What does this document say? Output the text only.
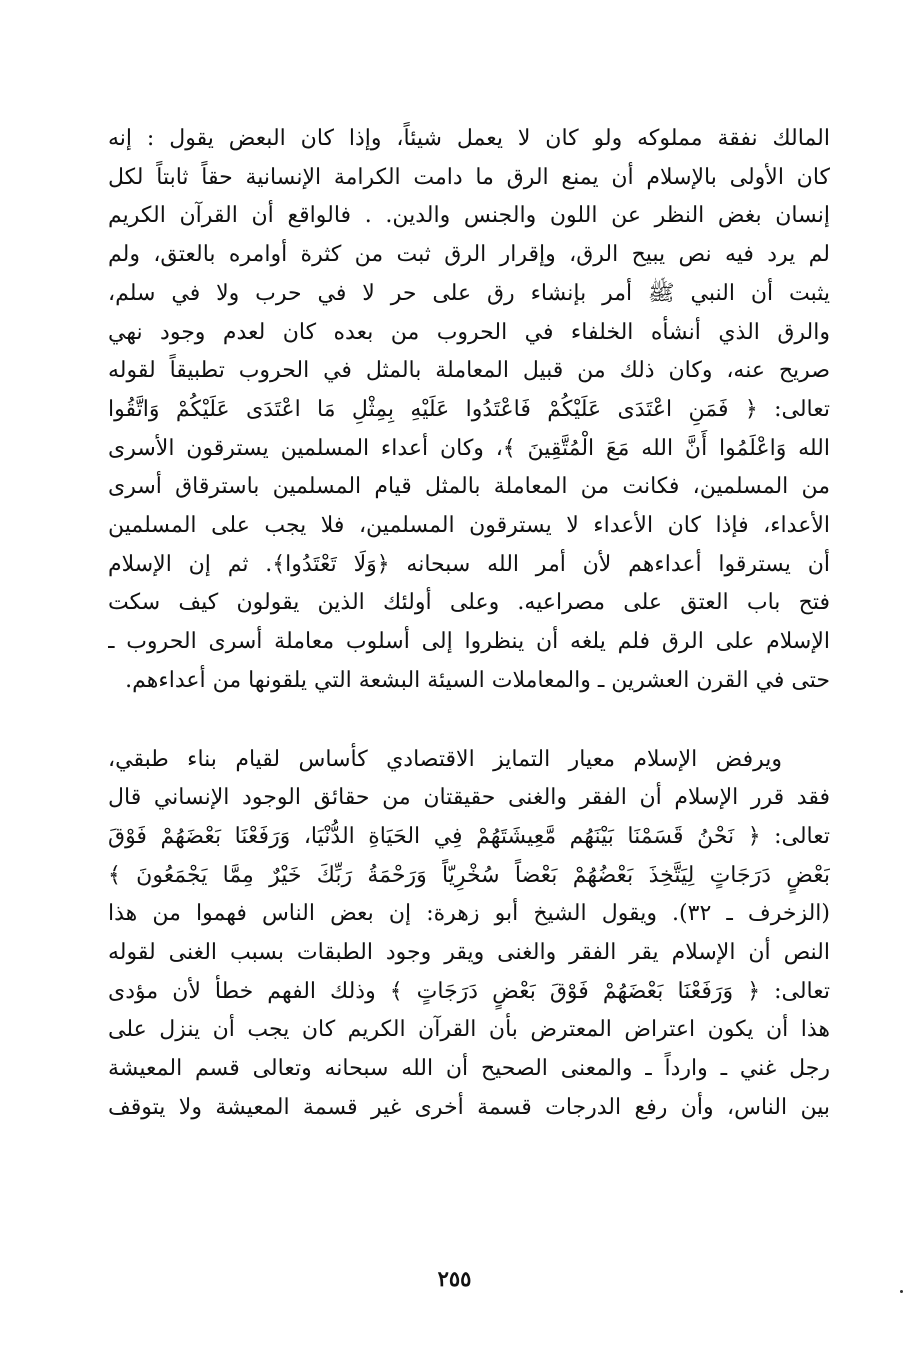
المالك نفقة مملوكه ولو كان لا يعمل شيئاً، وإذا كان البعض يقول : إنه
كان الأولى بالإسلام أن يمنع الرق ما دامت الكرامة الإنسانية حقاً ثابتاً لكل
إنسان بغض النظر عن اللون والجنس والدين. . فالواقع أن القرآن الكريم
لم يرد فيه نص يبيح الرق، وإقرار الرق ثبت من كثرة أوامره بالعتق، ولم
يثبت أن النبي ﷺ أمر بإنشاء رق على حر لا في حرب ولا في سلم،
والرق الذي أنشأه الخلفاء في الحروب من بعده كان لعدم وجود نهي
صريح عنه، وكان ذلك من قبيل المعاملة بالمثل في الحروب تطبيقاً لقوله
تعالى: ﴿ فَمَنِ اعْتَدَى عَلَيْكُمْ فَاعْتَدُوا عَلَيْهِ بِمِثْلِ مَا اعْتَدَى عَلَيْكُمْ وَاتَّقُوا
الله وَاعْلَمُوا أَنَّ الله مَعَ الْمُتَّقِينَ ﴾، وكان أعداء المسلمين يسترقون الأسرى
من المسلمين، فكانت من المعاملة بالمثل قيام المسلمين باسترقاق أسرى
الأعداء، فإذا كان الأعداء لا يسترقون المسلمين، فلا يجب على المسلمين
أن يسترقوا أعداءهم لأن أمر الله سبحانه ﴿وَلَا تَعْتَدُوا﴾. ثم إن الإسلام
فتح باب العتق على مصراعيه. وعلى أولئك الذين يقولون كيف سكت
الإسلام على الرق فلم يلغه أن ينظروا إلى أسلوب معاملة أسرى الحروب ـ
حتى في القرن العشرين ـ والمعاملات السيئة البشعة التي يلقونها من أعداءهم.
ويرفض الإسلام معيار التمايز الاقتصادي كأساس لقيام بناء طبقي،
فقد قرر الإسلام أن الفقر والغنى حقيقتان من حقائق الوجود الإنساني قال
تعالى: ﴿ نَحْنُ قَسَمْنَا بَيْنَهُم مَّعِيشَتَهُمْ فِي الحَيَاةِ الدُّنْيَا، وَرَفَعْنَا بَعْضَهُمْ فَوْقَ
بَعْضٍ دَرَجَاتٍ لِيَتَّخِذَ بَعْضُهُمْ بَعْضاً سُخْرِيّاً وَرَحْمَةُ رَبِّكَ خَيْرٌ مِمَّا يَجْمَعُونَ ﴾
(الزخرف ـ ٣٢). ويقول الشيخ أبو زهرة: إن بعض الناس فهموا من هذا
النص أن الإسلام يقر الفقر والغنى ويقر وجود الطبقات بسبب الغنى لقوله
تعالى: ﴿ وَرَفَعْنَا بَعْضَهُمْ فَوْقَ بَعْضٍ دَرَجَاتٍ ﴾ وذلك الفهم خطأ لأن مؤدى
هذا أن يكون اعتراض المعترض بأن القرآن الكريم كان يجب أن ينزل على
رجل غني ـ وارداً ـ والمعنى الصحيح أن الله سبحانه وتعالى قسم المعيشة
بين الناس، وأن رفع الدرجات قسمة أخرى غير قسمة المعيشة ولا يتوقف
٢٥٥
